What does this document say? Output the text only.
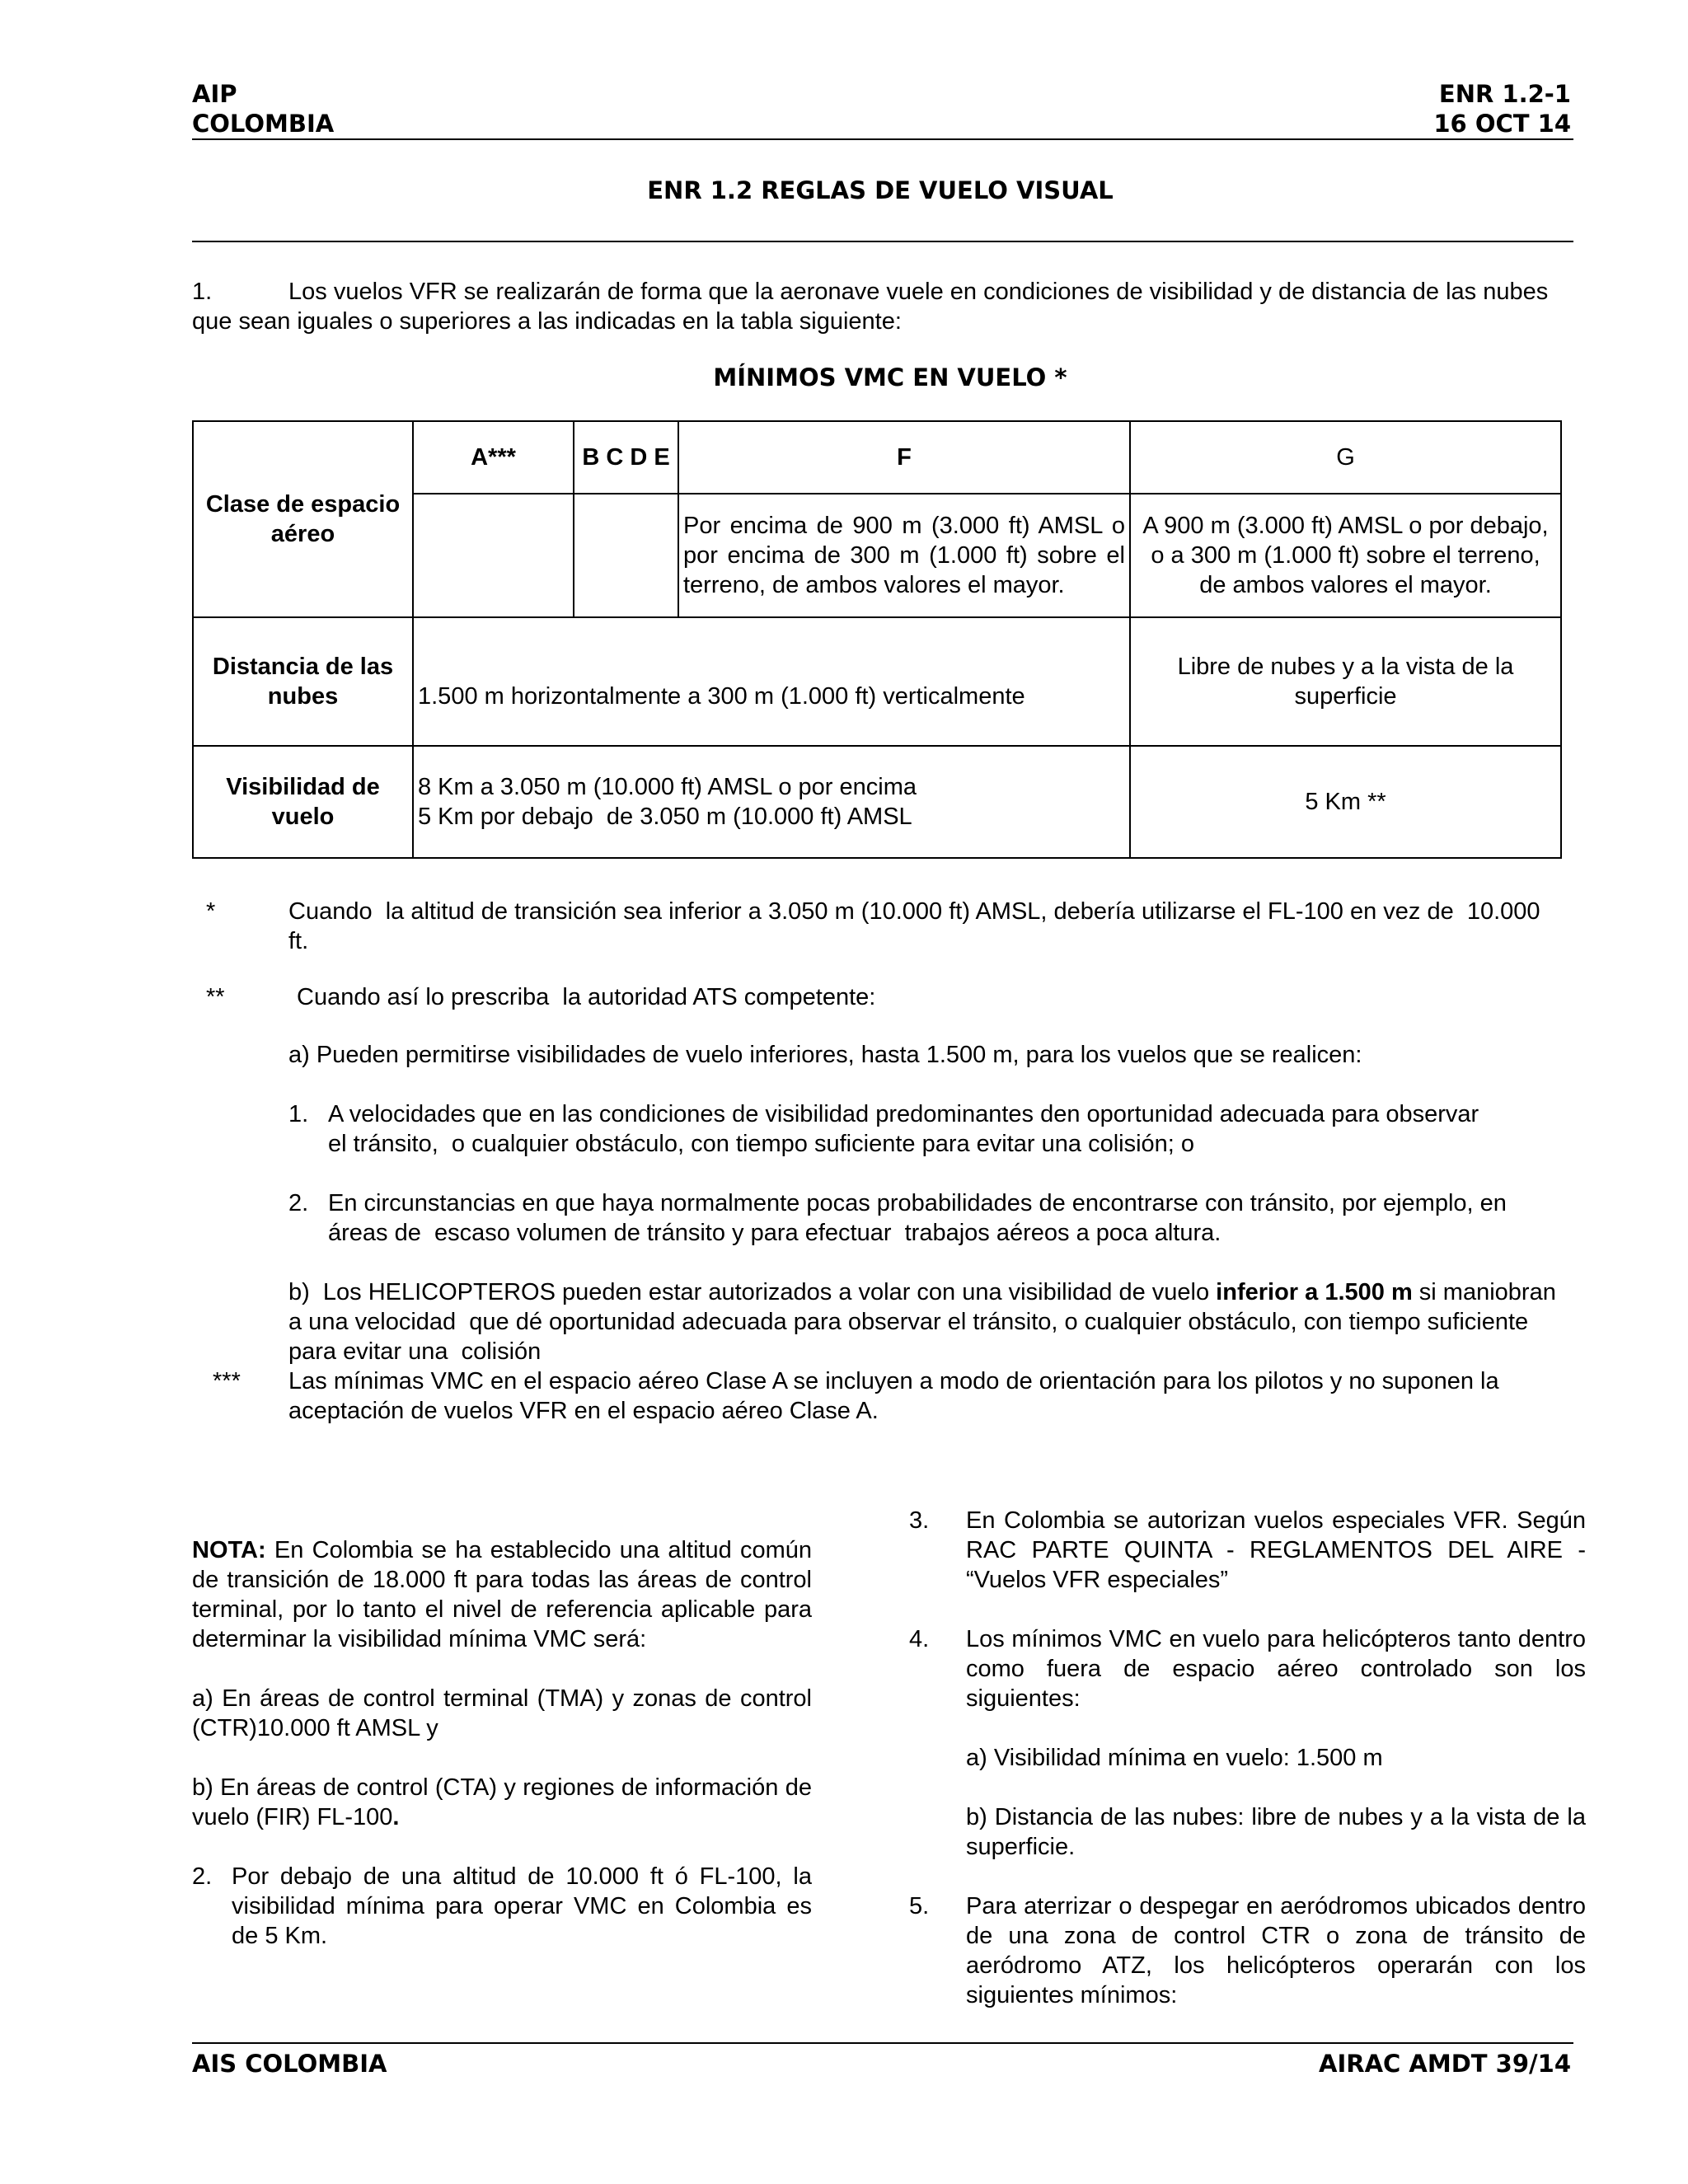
AIP
COLOMBIA
ENR 1.2-1
16 OCT 14
ENR 1.2 REGLAS DE VUELO VISUAL
1.	Los vuelos VFR se realizarán de forma que la aeronave vuele en condiciones de visibilidad y de distancia de las nubes
que sean iguales o superiores a las indicadas en la tabla siguiente:
MÍNIMOS VMC EN VUELO *
Clase de espacio aéreo	A***	B C D E	F	G
			Por encima de 900 m (3.000 ft) AMSL o por encima de 300 m (1.000 ft) sobre el terreno, de ambos valores el mayor.	A 900 m (3.000 ft) AMSL o por debajo, o a 300 m (1.000 ft) sobre el terreno, de ambos valores el mayor.
Distancia de las nubes	1.500 m horizontalmente a 300 m (1.000 ft) verticalmente			Libre de nubes y a la vista de la superficie
Visibilidad de vuelo	8 Km a 3.050 m (10.000 ft) AMSL o por encima
5 Km por debajo  de 3.050 m (10.000 ft) AMSL			5 Km **
*	Cuando  la altitud de transición sea inferior a 3.050 m (10.000 ft) AMSL, debería utilizarse el FL-100 en vez de  10.000
ft.
**	Cuando así lo prescriba  la autoridad ATS competente:
a) Pueden permitirse visibilidades de vuelo inferiores, hasta 1.500 m, para los vuelos que se realicen:
1. A velocidades que en las condiciones de visibilidad predominantes den oportunidad adecuada para observar
el tránsito,  o cualquier obstáculo, con tiempo suficiente para evitar una colisión; o
2. En circunstancias en que haya normalmente pocas probabilidades de encontrarse con tránsito, por ejemplo, en
áreas de  escaso volumen de tránsito y para efectuar  trabajos aéreos a poca altura.
b)  Los HELICOPTEROS pueden estar autorizados a volar con una visibilidad de vuelo inferior a 1.500 m si maniobran
a una velocidad  que dé oportunidad adecuada para observar el tránsito, o cualquier obstáculo, con tiempo suficiente
para evitar una  colisión
*** Las mínimas VMC en el espacio aéreo Clase A se incluyen a modo de orientación para los pilotos y no suponen la
aceptación de vuelos VFR en el espacio aéreo Clase A.
NOTA: En Colombia se ha establecido una altitud común de transición de 18.000 ft para todas las áreas de control terminal, por lo tanto el nivel de referencia aplicable para determinar la visibilidad mínima VMC será:
a) En áreas de control terminal (TMA) y zonas de control (CTR)10.000 ft AMSL y
b) En áreas de control (CTA) y regiones de información de vuelo (FIR) FL-100.
2. Por debajo de una altitud de 10.000 ft ó FL-100, la visibilidad mínima para operar VMC en Colombia es de 5 Km.
3. En Colombia se autorizan vuelos especiales VFR. Según RAC PARTE QUINTA - REGLAMENTOS DEL AIRE - “Vuelos VFR especiales”
4. Los mínimos VMC en vuelo para helicópteros tanto dentro como fuera de espacio aéreo controlado son los siguientes:
a) Visibilidad mínima en vuelo: 1.500 m
b) Distancia de las nubes: libre de nubes y a la vista de la superficie.
5. Para aterrizar o despegar en aeródromos ubicados dentro de una zona de control CTR o zona de tránsito de aeródromo ATZ, los helicópteros operarán con los siguientes mínimos:
AIS COLOMBIA	AIRAC AMDT 39/14
